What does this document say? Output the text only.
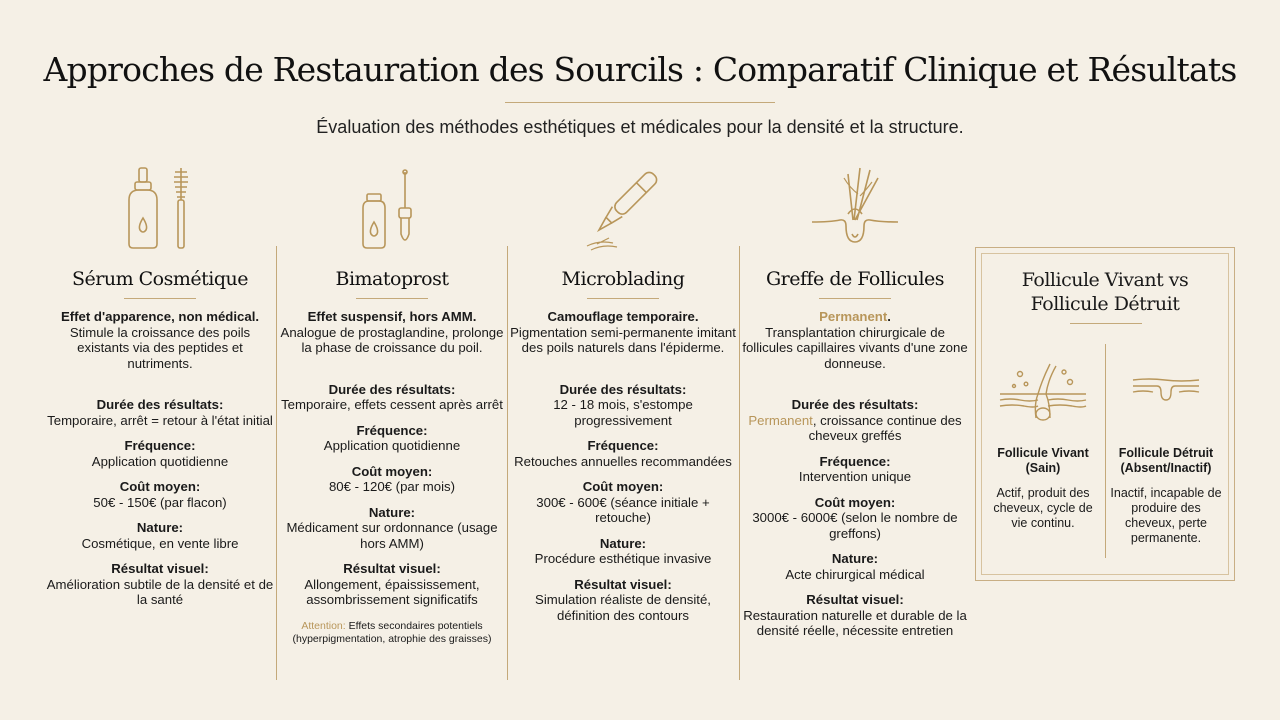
Approches de Restauration des Sourcils : Comparatif Clinique et Résultats
Évaluation des méthodes esthétiques et médicales pour la densité et la structure.
Sérum Cosmétique
Effet d'apparence, non médical.
Stimule la croissance des poils existants via des peptides et nutriments.
Durée des résultats:
Temporaire, arrêt = retour à l'état initial
Fréquence:
Application quotidienne
Coût moyen:
50€ - 150€ (par flacon)
Nature:
Cosmétique, en vente libre
Résultat visuel:
Amélioration subtile de la densité et de la santé
Bimatoprost
Effet suspensif, hors AMM.
Analogue de prostaglandine, prolonge la phase de croissance du poil.
Durée des résultats:
Temporaire, effets cessent après arrêt
Fréquence:
Application quotidienne
Coût moyen:
80€ - 120€ (par mois)
Nature:
Médicament sur ordonnance (usage hors AMM)
Résultat visuel:
Allongement, épaississement, assombrissement significatifs
Attention: Effets secondaires potentiels (hyperpigmentation, atrophie des graisses)
Microblading
Camouflage temporaire.
Pigmentation semi-permanente imitant des poils naturels dans l'épiderme.
Durée des résultats:
12 - 18 mois, s'estompe progressivement
Fréquence:
Retouches annuelles recommandées
Coût moyen:
300€ - 600€ (séance initiale + retouche)
Nature:
Procédure esthétique invasive
Résultat visuel:
Simulation réaliste de densité, définition des contours
Greffe de Follicules
Permanent.
Transplantation chirurgicale de follicules capillaires vivants d'une zone donneuse.
Durée des résultats:
Permanent, croissance continue des cheveux greffés
Fréquence:
Intervention unique
Coût moyen:
3000€ - 6000€ (selon le nombre de greffons)
Nature:
Acte chirurgical médical
Résultat visuel:
Restauration naturelle et durable de la densité réelle, nécessite entretien
Follicule Vivant vs
Follicule Détruit
Follicule Vivant
(Sain)
Actif, produit des cheveux, cycle de vie continu.
Follicule Détruit
(Absent/Inactif)
Inactif, incapable de produire des cheveux, perte permanente.
